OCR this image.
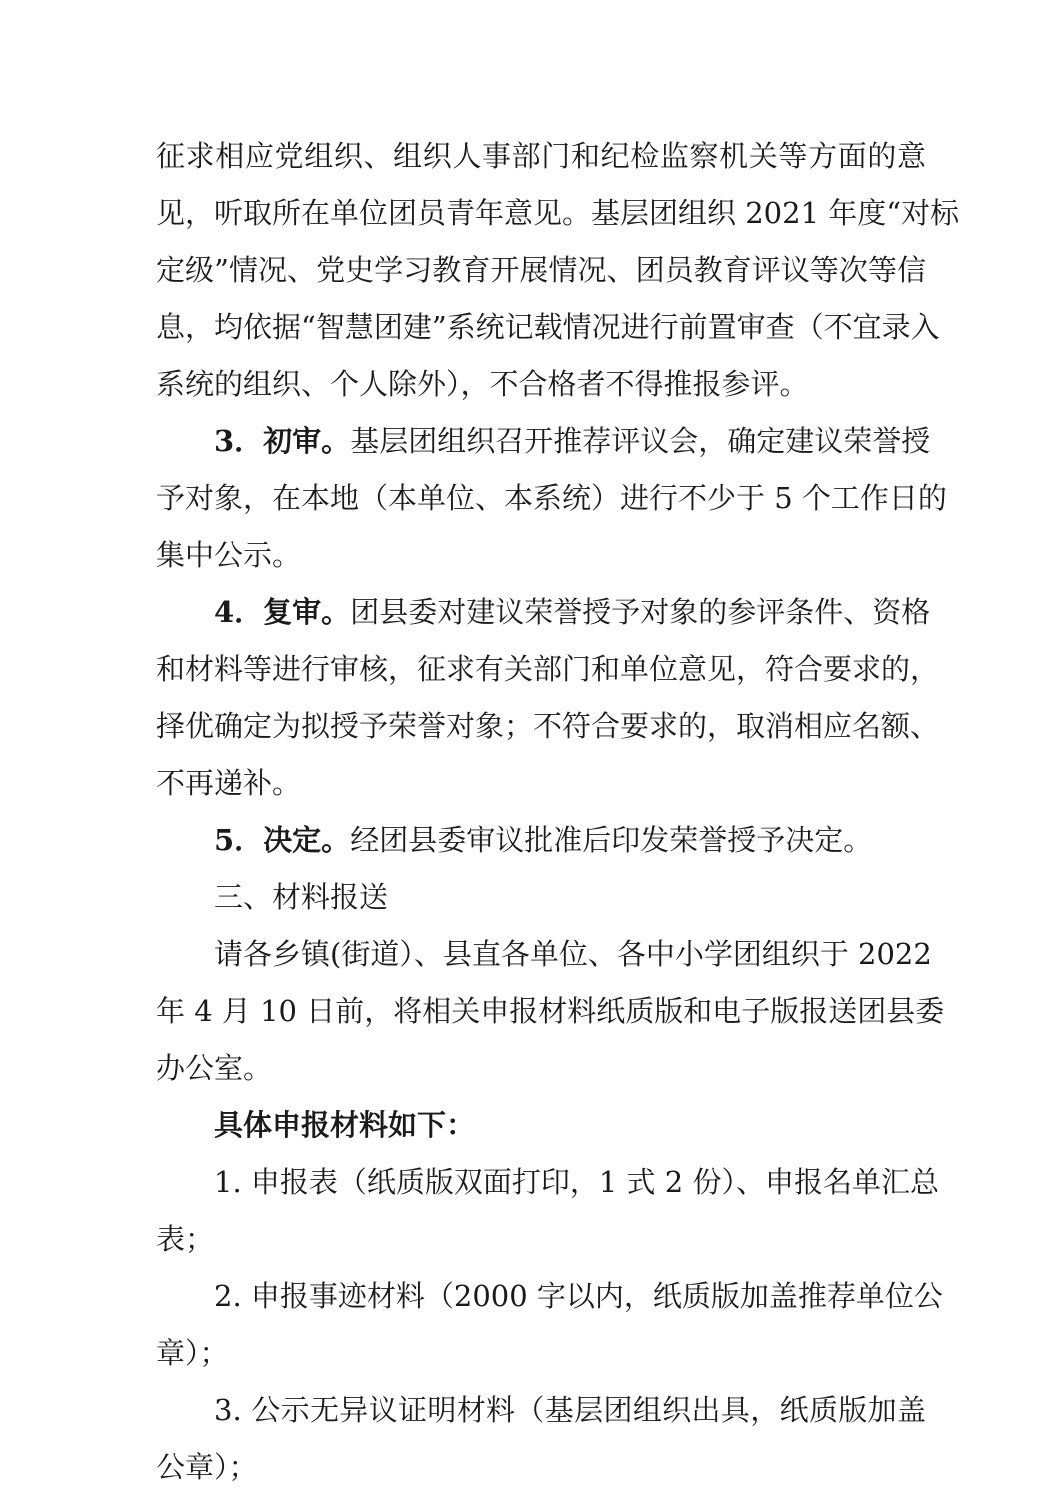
征求相应党组织、组织人事部门和纪检监察机关等方面的意
见，听取所在单位团员青年意见。基层团组织 2021 年度“对标
定级”情况、党史学习教育开展情况、团员教育评议等次等信
息，均依据“智慧团建”系统记载情况进行前置审查（不宜录入
系统的组织、个人除外），不合格者不得推报参评。
3．初审。基层团组织召开推荐评议会，确定建议荣誉授
予对象，在本地（本单位、本系统）进行不少于 5 个工作日的
集中公示。
4．复审。团县委对建议荣誉授予对象的参评条件、资格
和材料等进行审核，征求有关部门和单位意见，符合要求的，
择优确定为拟授予荣誉对象；不符合要求的，取消相应名额、
不再递补。
5．决定。经团县委审议批准后印发荣誉授予决定。
三、材料报送
请各乡镇(街道）、县直各单位、各中小学团组织于 2022
年 4 月 10 日前，将相关申报材料纸质版和电子版报送团县委
办公室。
具体申报材料如下：
1. 申报表（纸质版双面打印，1 式 2 份）、申报名单汇总
表；
2. 申报事迹材料（2000 字以内，纸质版加盖推荐单位公
章）；
3. 公示无异议证明材料（基层团组织出具，纸质版加盖
公章）；
